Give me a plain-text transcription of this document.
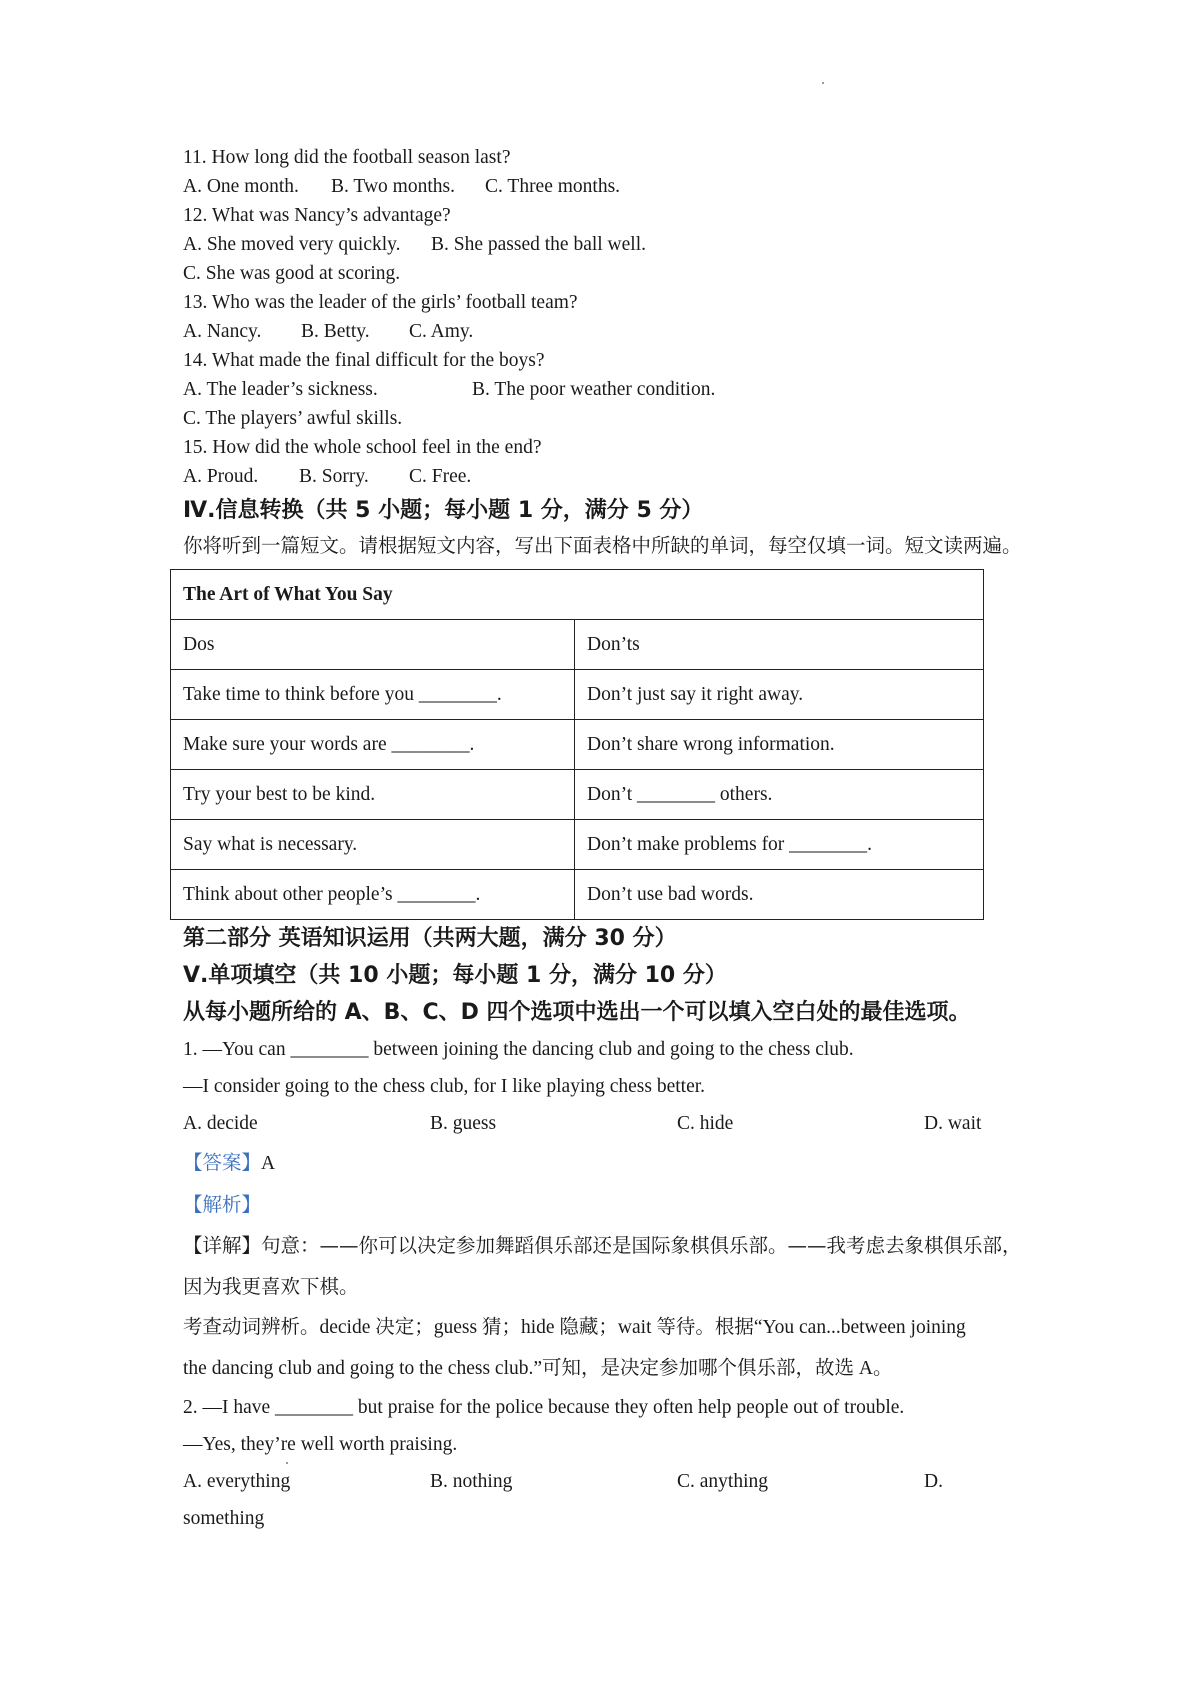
11. How long did the football season last?
A. One month.	B. Two months.	C. Three months.
12. What was Nancy’s advantage?
A. She moved very quickly.	B. She passed the ball well.
C. She was good at scoring.
13. Who was the leader of the girls’ football team?
A. Nancy.	B. Betty.	C. Amy.
14. What made the final difficult for the boys?
A. The leader’s sickness.	B. The poor weather condition.
C. The players’ awful skills.
15. How did the whole school feel in the end?
A. Proud.	B. Sorry.	C. Free.
Ⅳ.信息转换（共 5 小题；每小题 1 分，满分 5 分）
你将听到一篇短文。请根据短文内容，写出下面表格中所缺的单词，每空仅填一词。短文读两遍。
The Art of What You Say	
Dos	Don’ts
Take time to think before you ________.	Don’t just say it right away.
Make sure your words are ________.	Don’t share wrong information.
Try your best to be kind.	Don’t ________ others.
Say what is necessary.	Don’t make problems for ________.
Think about other people’s ________.	Don’t use bad words.
第二部分 英语知识运用（共两大题，满分 30 分）
Ⅴ.单项填空（共 10 小题；每小题 1 分，满分 10 分）
从每小题所给的 A、B、C、D 四个选项中选出一个可以填入空白处的最佳选项。
1. —You can ________ between joining the dancing club and going to the chess club.
—I consider going to the chess club, for I like playing chess better.
A. decide	B. guess	C. hide	D. wait
【答案】A
【解析】
【详解】句意：——你可以决定参加舞蹈俱乐部还是国际象棋俱乐部。——我考虑去象棋俱乐部，因为我更喜欢下棋。
考查动词辨析。decide 决定；guess 猜；hide 隐藏；wait 等待。根据“You can...between joining
the dancing club and going to the chess club.”可知，是决定参加哪个俱乐部，故选 A。
2. —I have ________ but praise for the police because they often help people out of trouble.
—Yes, they’re well worth praising.
A. everything	B. nothing	C. anything	D.
something
